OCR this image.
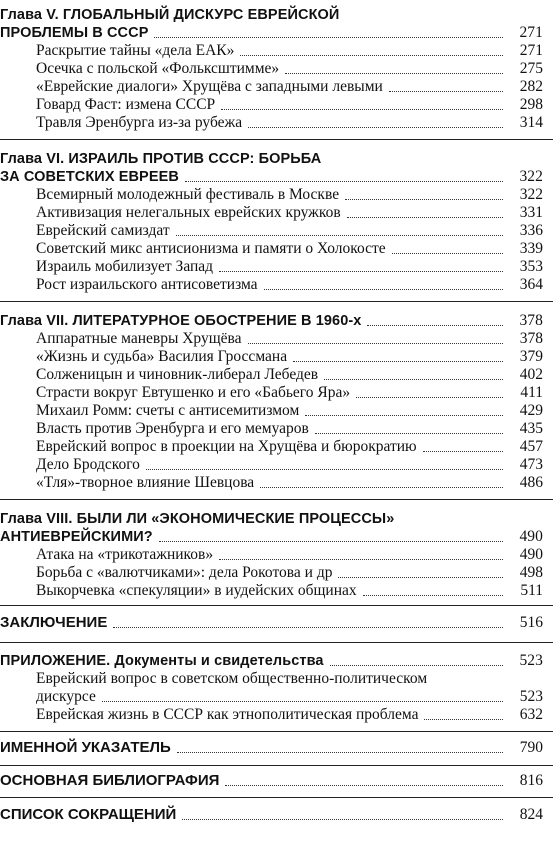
Глава V. ГЛОБАЛЬНЫЙ ДИСКУРС ЕВРЕЙСКОЙ
ПРОБЛЕМЫ В СССР	271
Раскрытие тайны «дела ЕАК»	271
Осечка с польской «Фольксштимме»	275
«Еврейские диалоги» Хрущёва с западными левыми	282
Говард Фаст: измена СССР	298
Травля Эренбурга из-за рубежа	314
Глава VI. ИЗРАИЛЬ ПРОТИВ СССР: БОРЬБА
ЗА СОВЕТСКИХ ЕВРЕЕВ	322
Всемирный молодежный фестиваль в Москве	322
Активизация нелегальных еврейских кружков	331
Еврейский самиздат	336
Советский микс антисионизма и памяти о Холокосте	339
Израиль мобилизует Запад	353
Рост израильского антисоветизма	364
Глава VII. ЛИТЕРАТУРНОЕ ОБОСТРЕНИЕ В 1960-х	378
Аппаратные маневры Хрущёва	378
«Жизнь и судьба» Василия Гроссмана	379
Солженицын и чиновник-либерал Лебедев	402
Страсти вокруг Евтушенко и его «Бабьего Яра»	411
Михаил Ромм: счеты с антисемитизмом	429
Власть против Эренбурга и его мемуаров	435
Еврейский вопрос в проекции на Хрущёва и бюрократию	457
Дело Бродского	473
«Тля»-творное влияние Шевцова	486
Глава VIII. БЫЛИ ЛИ «ЭКОНОМИЧЕСКИЕ ПРОЦЕССЫ»
АНТИЕВРЕЙСКИМИ?	490
Атака на «трикотажников»	490
Борьба с «валютчиками»: дела Рокотова и др	498
Выкорчевка «спекуляции» в иудейских общинах	511
ЗАКЛЮЧЕНИЕ	516
ПРИЛОЖЕНИЕ. Документы и свидетельства	523
Еврейский вопрос в советском общественно-политическом
дискурсе	523
Еврейская жизнь в СССР как этнополитическая проблема	632
ИМЕННОЙ УКАЗАТЕЛЬ	790
ОСНОВНАЯ БИБЛИОГРАФИЯ	816
СПИСОК СОКРАЩЕНИЙ	824
